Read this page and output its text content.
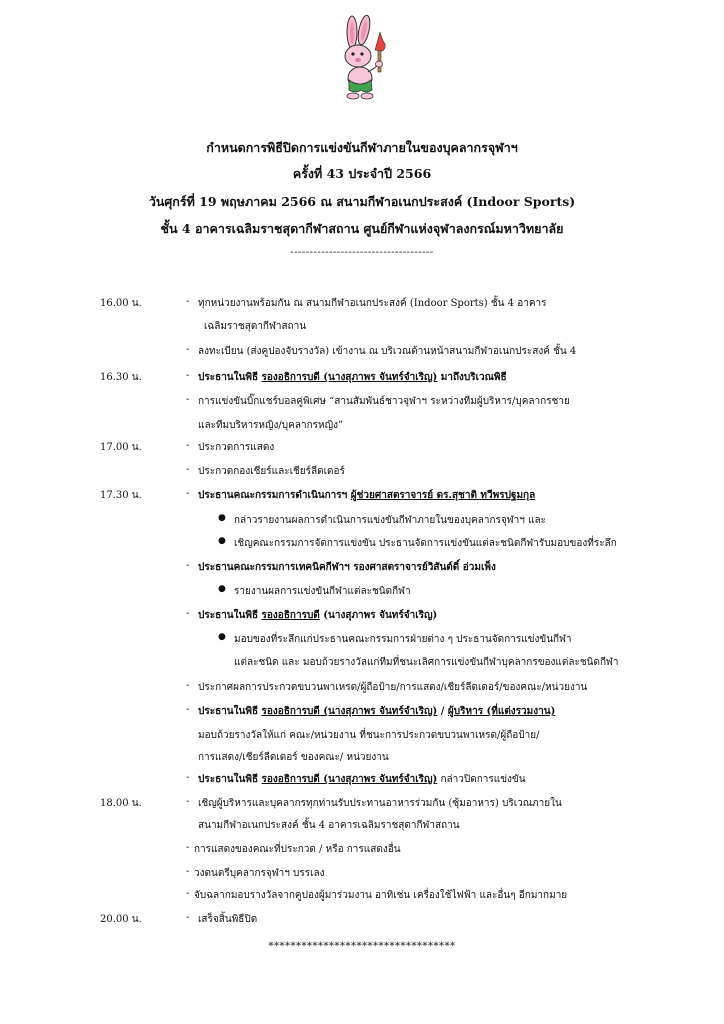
กำหนดการพิธีปิดการแข่งขันกีฬาภายในของบุคลากรจุฬาฯ
ครั้งที่ 43 ประจำปี 2566
วันศุกร์ที่ 19 พฤษภาคม 2566 ณ สนามกีฬาอเนกประสงค์ (Indoor Sports)
ชั้น 4 อาคารเฉลิมราชสุดากีฬาสถาน ศูนย์กีฬาแห่งจุฬาลงกรณ์มหาวิทยาลัย
-------------------------------------
16.00 น.	- ทุกหน่วยงานพร้อมกัน ณ สนามกีฬาอเนกประสงค์ (Indoor Sports) ชั้น 4 อาคาร
เฉลิมราชสุดากีฬาสถาน
- ลงทะเบียน (ส่งคูปองจับรางวัล) เข้างาน ณ บริเวณด้านหน้าสนามกีฬาอเนกประสงค์ ชั้น 4
16.30 น.	- ประธานในพิธี รองอธิการบดี (นางสุภาพร จันทร์จำเริญ) มาถึงบริเวณพิธี
- การแข่งขันบิ๊กแชร์บอลคู่พิเศษ “สานสัมพันธ์ชาวจุฬาฯ ระหว่างทีมผู้บริหาร/บุคลากรชาย
และทีมบริหารหญิง/บุคลากรหญิง”
17.00 น.	- ประกวดการแสดง
- ประกวดกองเชียร์และเชียร์ลีดเดอร์
17.30 น.	- ประธานคณะกรรมการดำเนินการฯ ผู้ช่วยศาสตราจารย์ ดร.สุชาติ ทวีพรปฐมกุล
● กล่าวรายงานผลการดำเนินการแข่งขันกีฬาภายในของบุคลากรจุฬาฯ และ
● เชิญคณะกรรมการจัดการแข่งขัน ประธานจัดการแข่งขันแต่ละชนิดกีฬารับมอบของที่ระลึก
- ประธานคณะกรรมการเทคนิคกีฬาฯ รองศาสตราจารย์วิสันต์ดิ์ อ่วมเพ็ง
● รายงานผลการแข่งขันกีฬาแต่ละชนิดกีฬา
- ประธานในพิธี รองอธิการบดี (นางสุภาพร จันทร์จำเริญ)
● มอบของที่ระลึกแก่ประธานคณะกรรมการฝ่ายต่าง ๆ ประธานจัดการแข่งขันกีฬา
แต่ละชนิด และ มอบถ้วยรางวัลแก่ทีมที่ชนะเลิศการแข่งขันกีฬาบุคลากรของแต่ละชนิดกีฬา
- ประกาศผลการประกวดขบวนพาเหรด/ผู้ถือป้าย/การแสดง/เชียร์ลีดเดอร์/ของคณะ/หน่วยงาน
- ประธานในพิธี รองอธิการบดี (นางสุภาพร จันทร์จำเริญ) / ผู้บริหาร (ที่แต่งรวมงาน)
มอบถ้วยรางวัลให้แก่ คณะ/หน่วยงาน ที่ชนะการประกวดขบวนพาเหรด/ผู้ถือป้าย/
การแสดง/เชียร์ลีดเดอร์ ของคณะ/ หน่วยงาน
- ประธานในพิธี รองอธิการบดี (นางสุภาพร จันทร์จำเริญ) กล่าวปิดการแข่งขัน
18.00 น.	- เชิญผู้บริหารและบุคลากรทุกท่านรับประทานอาหารร่วมกัน (ซุ้มอาหาร) บริเวณภายใน
สนามกีฬาอเนกประสงค์ ชั้น 4 อาคารเฉลิมราชสุดากีฬาสถาน
- การแสดงของคณะที่ประกวด / หรือ การแสดงอื่น
- วงดนตรีบุคลากรจุฬาฯ บรรเลง
- จับฉลากมอบรางวัลจากคูปองผู้มาร่วมงาน อาทิเช่น เครื่องใช้ไฟฟ้า และอื่นๆ อีกมากมาย
20.00 น.	- เสร็จสิ้นพิธีปิด
**********************************
